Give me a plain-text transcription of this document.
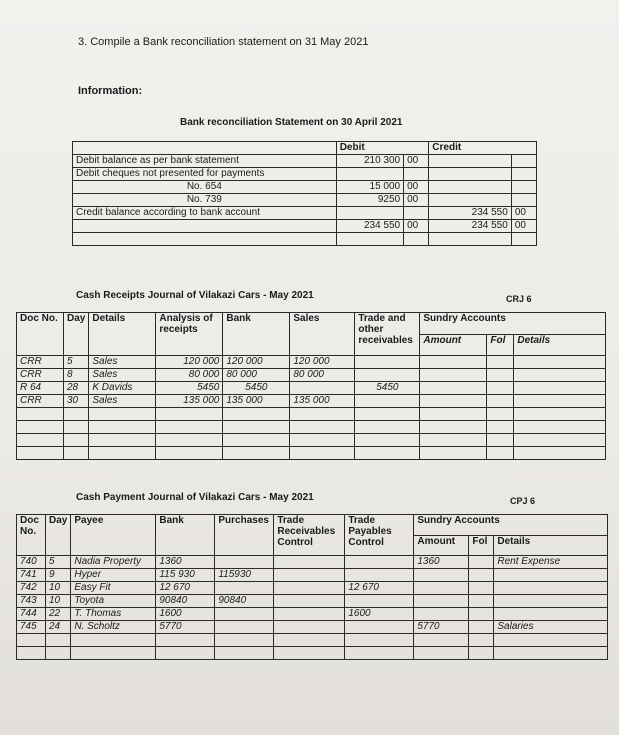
3. Compile a Bank reconciliation statement on 31 May 2021
Information:
Bank reconciliation Statement on 30 April 2021
	Debit		Credit	
Debit balance as per bank statement	210 300	00		
Debit cheques not presented for payments				
No. 654	15 000	00		
No. 739	9250	00		
Credit balance according to bank account			234 550	00
	234 550	00	234 550	00

Cash Receipts Journal of Vilakazi Cars - May 2021	CRJ 6
Doc No.	Day	Details	Analysis of receipts	Bank	Sales	Trade and other receivables	Sundry Accounts		
							Amount	Fol	Details
CRR	5	Sales	120 000	120 000	120 000				
CRR	8	Sales	80 000	80 000	80 000				
R 64	28	K Davids	5450	5450		5450			
CRR	30	Sales	135 000	135 000	135 000				

Cash Payment Journal of Vilakazi Cars - May 2021	CPJ 6
Doc No.	Day	Payee	Bank	Purchases	Trade Receivables Control	Trade Payables Control	Sundry Accounts		
							Amount	Fol	Details
740	5	Nadia Property	1360				1360		Rent Expense
741	9	Hyper	115 930	115930					
742	10	Easy Fit	12 670			12 670			
743	10	Toyota	90840	90840					
744	22	T. Thomas	1600			1600			
745	24	N. Scholtz	5770				5770		Salaries
